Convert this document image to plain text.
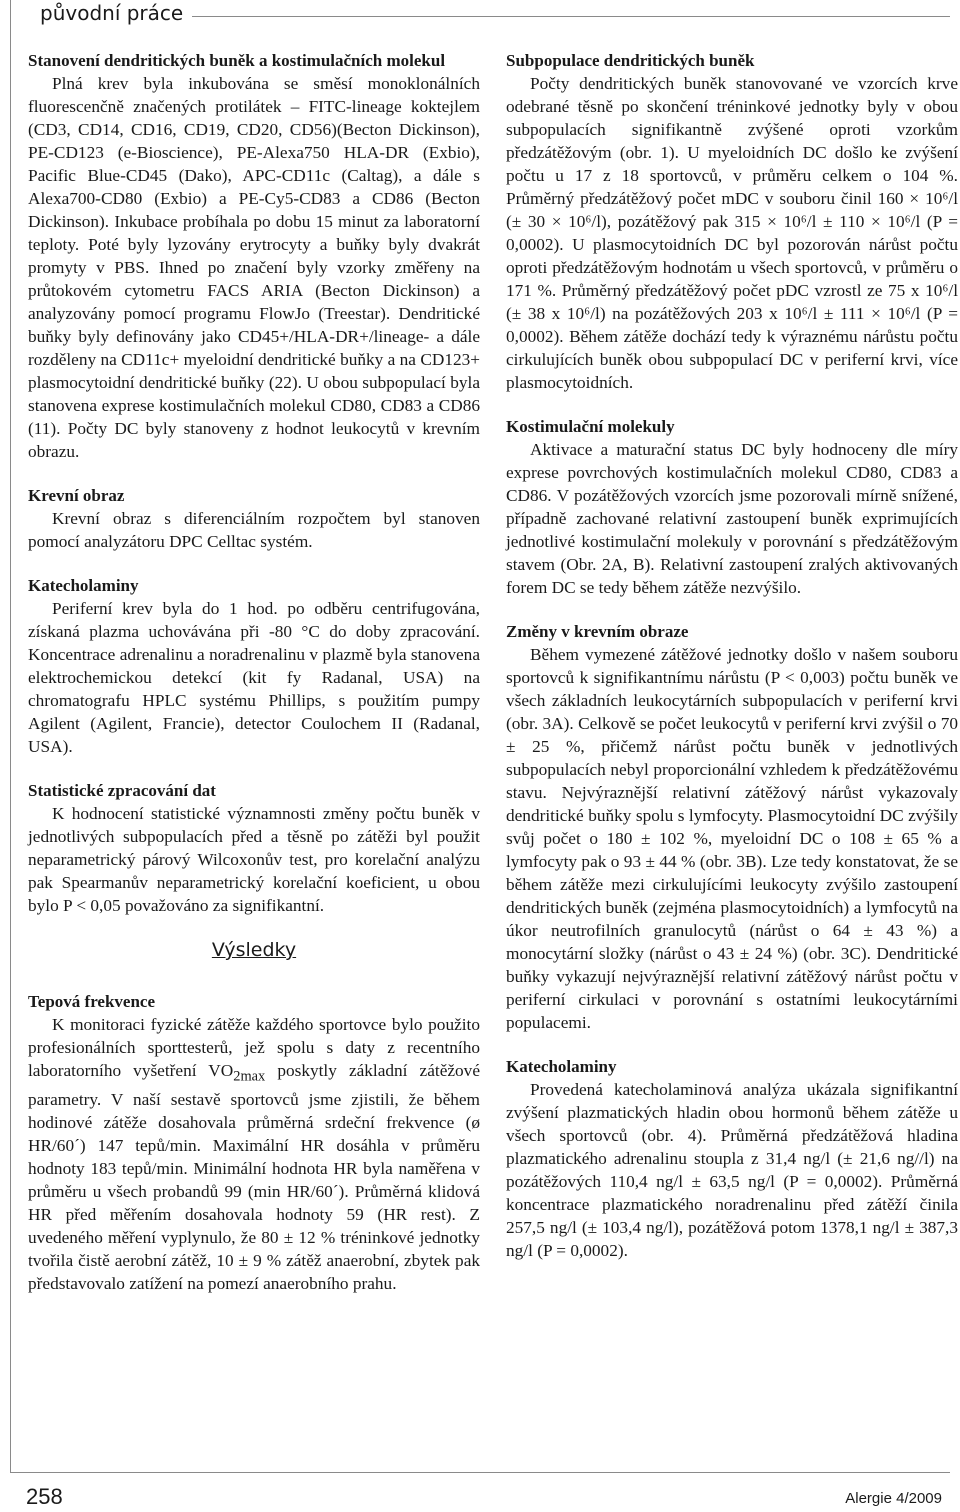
původní práce
Stanovení dendritických buněk a kostimulačních molekul

Plná krev byla inkubována se směsí monoklonálních fluorescenčně značených protilátek – FITC-lineage koktejlem (CD3, CD14, CD16, CD19, CD20, CD56)(Becton Dickinson), PE-CD123 (e-Bioscience), PE-Alexa750 HLA-DR (Exbio), Pacific Blue-CD45 (Dako), APC-CD11c (Caltag), a dále s Alexa700-CD80 (Exbio) a PE-Cy5-CD83 a CD86 (Becton Dickinson). Inkubace probíhala po dobu 15 minut za laboratorní teploty. Poté byly lyzovány erytrocyty a buňky byly dvakrát promyty v PBS. Ihned po značení byly vzorky změřeny na průtokovém cytometru FACS ARIA (Becton Dickinson) a analyzovány pomocí programu FlowJo (Treestar). Dendritické buňky byly definovány jako CD45+/HLA-DR+/lineage- a dále rozděleny na CD11c+ myeloidní dendritické buňky a na CD123+ plasmocytoidní dendritické buňky (22). U obou subpopulací byla stanovena exprese kostimulačních molekul CD80, CD83 a CD86 (11). Počty DC byly stanoveny z hodnot leukocytů v krevním obrazu.

Krevní obraz

Krevní obraz s diferenciálním rozpočtem byl stanoven pomocí analyzátoru DPC Celltac systém.

Katecholaminy

Periferní krev byla do 1 hod. po odběru centrifugována, získaná plazma uchovávána při -80 °C do doby zpracování. Koncentrace adrenalinu a noradrenalinu v plazmě byla stanovena elektrochemickou detekcí (kit fy Radanal, USA) na chromatografu HPLC systému Phillips, s použitím pumpy Agilent (Agilent, Francie), detector Coulochem II (Radanal, USA).

Statistické zpracování dat

K hodnocení statistické významnosti změny počtu buněk v jednotlivých subpopulacích před a těsně po zátěži byl použit neparametrický párový Wilcoxonův test, pro korelační analýzu pak Spearmanův neparametrický korelační koeficient, u obou bylo P < 0,05 považováno za signifikantní.

Výsledky
Tepová frekvence

K monitoraci fyzické zátěže každého sportovce bylo použito profesionálních sporttesterů, jež spolu s daty z recentního laboratorního vyšetření $VO_{2max}$ poskytly základní zátěžové parametry. V naší sestavě sportovců jsme zjistili, že během hodinové zátěže dosahovala průměrná srdeční frekvence (ø HR/60´) 147 tepů/min. Maximální HR dosáhla v průměru hodnoty 183 tepů/min. Minimální hodnota HR byla naměřena v průměru u všech probandů 99 (min HR/60´). Průměrná klidová HR před měřením dosahovala hodnoty 59 (HR rest). Z uvedeného měření vyplynulo, že 80 ± 12 % tréninkové jednotky tvořila čistě aerobní zátěž, 10 ± 9 % zátěž anaerobní, zbytek pak představovalo zatížení na pomezí anaerobního prahu.

Subpopulace dendritických buněk

Počty dendritických buněk stanovované ve vzorcích krve odebrané těsně po skončení tréninkové jednotky byly v obou subpopulacích signifikantně zvýšené oproti vzorkům předzátěžovým (obr. 1). U myeloidních DC došlo ke zvýšení počtu u 17 z 18 sportovců, v průměru celkem o 104 %. Průměrný předzátěžový počet mDC v souboru činil 160 × 10⁶/l (± 30 × 10⁶/l), pozátěžový pak 315 × 10⁶/l ± 110 × 10⁶/l (P = 0,0002). U plasmocytoidních DC byl pozorován nárůst počtu oproti předzátěžovým hodnotám u všech sportovců, v průměru o 171 %. Průměrný předzátěžový počet pDC vzrostl ze 75 x 10⁶/l (± 38 x 10⁶/l) na pozátěžových 203 x 10⁶/l ± 111 × 10⁶/l (P = 0,0002). Během zátěže dochází tedy k výraznému nárůstu počtu cirkulujících buněk obou subpopulací DC v periferní krvi, více plasmocytoidních.

Kostimulační molekuly

Aktivace a maturační status DC byly hodnoceny dle míry exprese povrchových kostimulačních molekul CD80, CD83 a CD86. V pozátěžových vzorcích jsme pozorovali mírně snížené, případně zachované relativní zastoupení buněk exprimujících jednotlivé kostimulační molekuly v porovnání s předzátěžovým stavem (Obr. 2A, B). Relativní zastoupení zralých aktivovaných forem DC se tedy během zátěže nezvýšilo.

Změny v krevním obraze

Během vymezené zátěžové jednotky došlo v našem souboru sportovců k signifikantnímu nárůstu (P < 0,003) počtu buněk ve všech základních leukocytárních subpopulacích v periferní krvi (obr. 3A). Celkově se počet leukocytů v periferní krvi zvýšil o 70 ± 25 %, přičemž nárůst počtu buněk v jednotlivých subpopulacích nebyl proporcionální vzhledem k předzátěžovému stavu. Nejvýraznější relativní zátěžový nárůst vykazovaly dendritické buňky spolu s lymfocyty. Plasmocytoidní DC zvýšily svůj počet o 180 ± 102 %, myeloidní DC o 108 ± 65 % a lymfocyty pak o 93 ± 44 % (obr. 3B). Lze tedy konstatovat, že se během zátěže mezi cirkulujícími leukocyty zvýšilo zastoupení dendritických buněk (zejména plasmocytoidních) a lymfocytů na úkor neutrofilních granulocytů (nárůst o 64 ± 43 %) a monocytární složky (nárůst o 43 ± 24 %) (obr. 3C). Dendritické buňky vykazují nejvýraznější relativní zátěžový nárůst počtu v periferní cirkulaci v porovnání s ostatními leukocytárními populacemi.

Katecholaminy

Provedená katecholaminová analýza ukázala signifikantní zvýšení plazmatických hladin obou hormonů během zátěže u všech sportovců (obr. 4). Průměrná předzátěžová hladina plazmatického adrenalinu stoupla z 31,4 ng/l (± 21,6 ng//l) na pozátěžových 110,4 ng/l ± 63,5 ng/l (P = 0,0002). Průměrná koncentrace plazmatického noradrenalinu před zátěží činila 257,5 ng/l (± 103,4 ng/l), pozátěžová potom 1378,1 ng/l ± 387,3 ng/l (P = 0,0002).

258	Alergie 4/2009
